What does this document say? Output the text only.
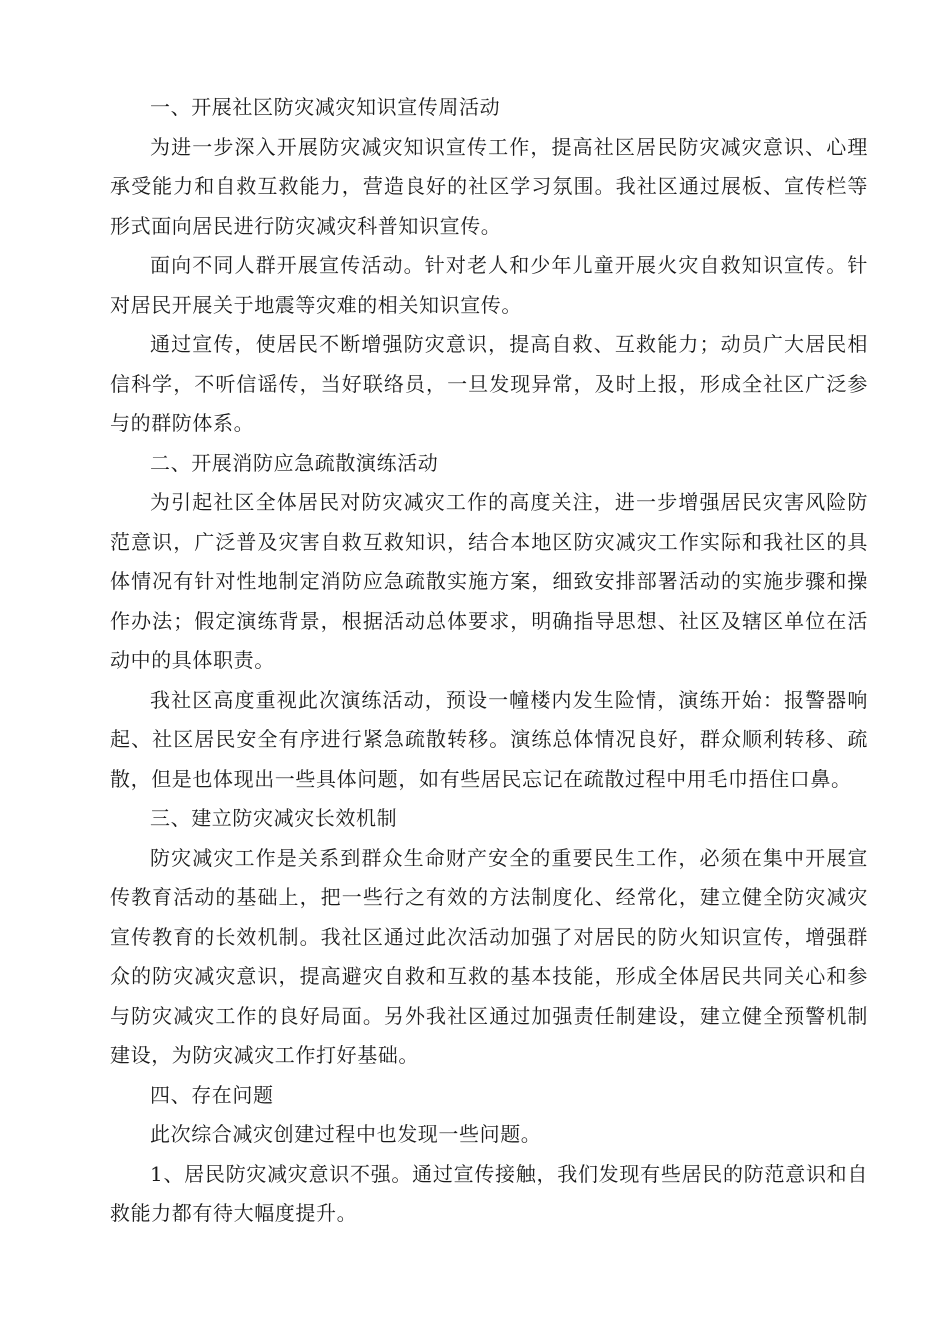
一、开展社区防灾减灾知识宣传周活动

为进一步深入开展防灾减灾知识宣传工作，提高社区居民防灾减灾意识、心理承受能力和自救互救能力，营造良好的社区学习氛围。我社区通过展板、宣传栏等形式面向居民进行防灾减灾科普知识宣传。

面向不同人群开展宣传活动。针对老人和少年儿童开展火灾自救知识宣传。针对居民开展关于地震等灾难的相关知识宣传。

通过宣传，使居民不断增强防灾意识，提高自救、互救能力；动员广大居民相信科学，不听信谣传，当好联络员，一旦发现异常，及时上报，形成全社区广泛参与的群防体系。

二、开展消防应急疏散演练活动

为引起社区全体居民对防灾减灾工作的高度关注，进一步增强居民灾害风险防范意识，广泛普及灾害自救互救知识，结合本地区防灾减灾工作实际和我社区的具体情况有针对性地制定消防应急疏散实施方案，细致安排部署活动的实施步骤和操作办法；假定演练背景，根据活动总体要求，明确指导思想、社区及辖区单位在活动中的具体职责。

我社区高度重视此次演练活动，预设一幢楼内发生险情，演练开始：报警器响起、社区居民安全有序进行紧急疏散转移。演练总体情况良好，群众顺利转移、疏散，但是也体现出一些具体问题，如有些居民忘记在疏散过程中用毛巾捂住口鼻。

三、建立防灾减灾长效机制

防灾减灾工作是关系到群众生命财产安全的重要民生工作，必须在集中开展宣传教育活动的基础上，把一些行之有效的方法制度化、经常化，建立健全防灾减灾宣传教育的长效机制。我社区通过此次活动加强了对居民的防火知识宣传，增强群众的防灾减灾意识，提高避灾自救和互救的基本技能，形成全体居民共同关心和参与防灾减灾工作的良好局面。另外我社区通过加强责任制建设，建立健全预警机制建设，为防灾减灾工作打好基础。

四、存在问题

此次综合减灾创建过程中也发现一些问题。

1、居民防灾减灾意识不强。通过宣传接触，我们发现有些居民的防范意识和自救能力都有待大幅度提升。
